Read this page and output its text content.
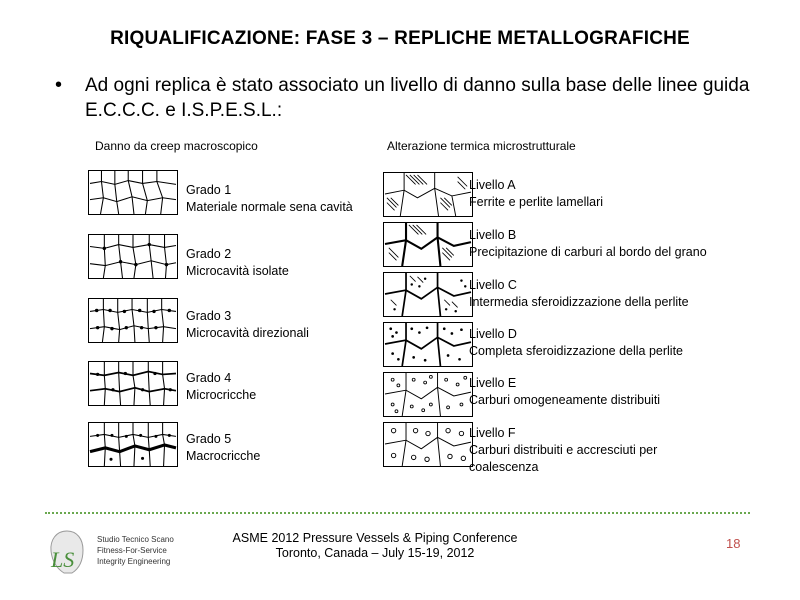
RIQUALIFICAZIONE: FASE 3 – REPLICHE METALLOGRAFICHE
• Ad ogni replica è stato associato un livello di danno sulla base delle linee guida E.C.C.C. e I.S.P.E.S.L.:
Danno da creep macroscopico
Grado 1
Materiale normale sena cavità
Grado 2
Microcavità isolate
Grado 3
Microcavità direzionali
Grado 4
Microcricche
Grado 5
Macrocricche
Alterazione termica microstrutturale
Livello A
Ferrite e perlite lamellari
Livello B
Precipitazione di carburi al bordo del grano
Livello C
Intermedia sferoidizzazione della perlite
Livello D
Completa sferoidizzazione della perlite
Livello E
Carburi omogeneamente distribuiti
Livello F
Carburi distribuiti e accresciuti per
coalescenza
LS
Studio Tecnico Scano
Fitness-For-Service
Integrity Engineering
ASME 2012 Pressure Vessels & Piping Conference
Toronto, Canada – July 15-19, 2012
18
